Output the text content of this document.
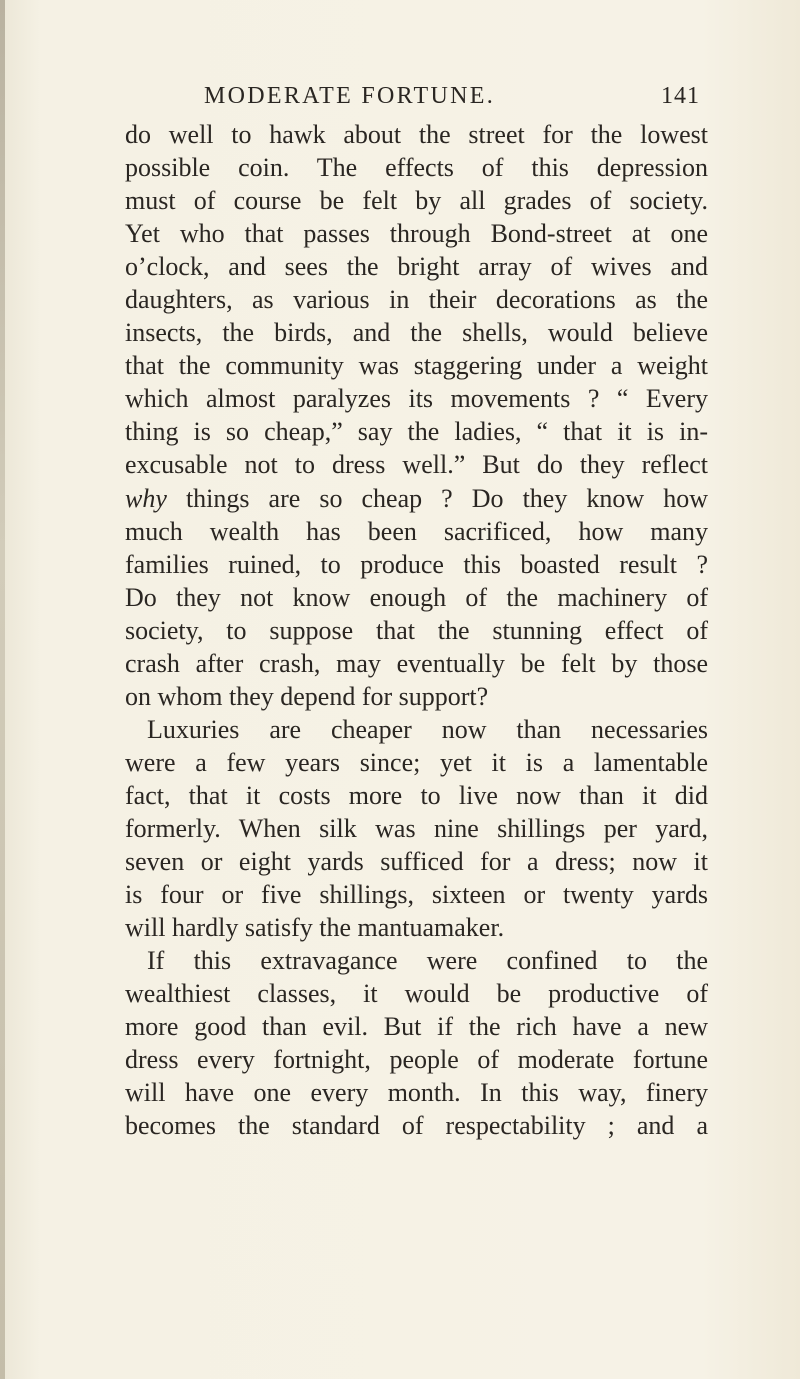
MODERATE FORTUNE.	141
do well to hawk about the street for the lowest
possible coin. The effects of this depression
must of course be felt by all grades of society.
Yet who that passes through Bond-street at one
o’clock, and sees the bright array of wives and
daughters, as various in their decorations as the
insects, the birds, and the shells, would believe
that the community was staggering under a weight
which almost paralyzes its movements ? “ Every
thing is so cheap,” say the ladies, “ that it is in-
excusable not to dress well.” But do they reflect
why things are so cheap ? Do they know how
much wealth has been sacrificed, how many
families ruined, to produce this boasted result ?
Do they not know enough of the machinery of
society, to suppose that the stunning effect of
crash after crash, may eventually be felt by those
on whom they depend for support?
Luxuries are cheaper now than necessaries
were a few years since; yet it is a lamentable
fact, that it costs more to live now than it did
formerly. When silk was nine shillings per yard,
seven or eight yards sufficed for a dress; now it
is four or five shillings, sixteen or twenty yards
will hardly satisfy the mantuamaker.
If this extravagance were confined to the
wealthiest classes, it would be productive of
more good than evil. But if the rich have a new
dress every fortnight, people of moderate fortune
will have one every month. In this way, finery
becomes the standard of respectability ; and a
